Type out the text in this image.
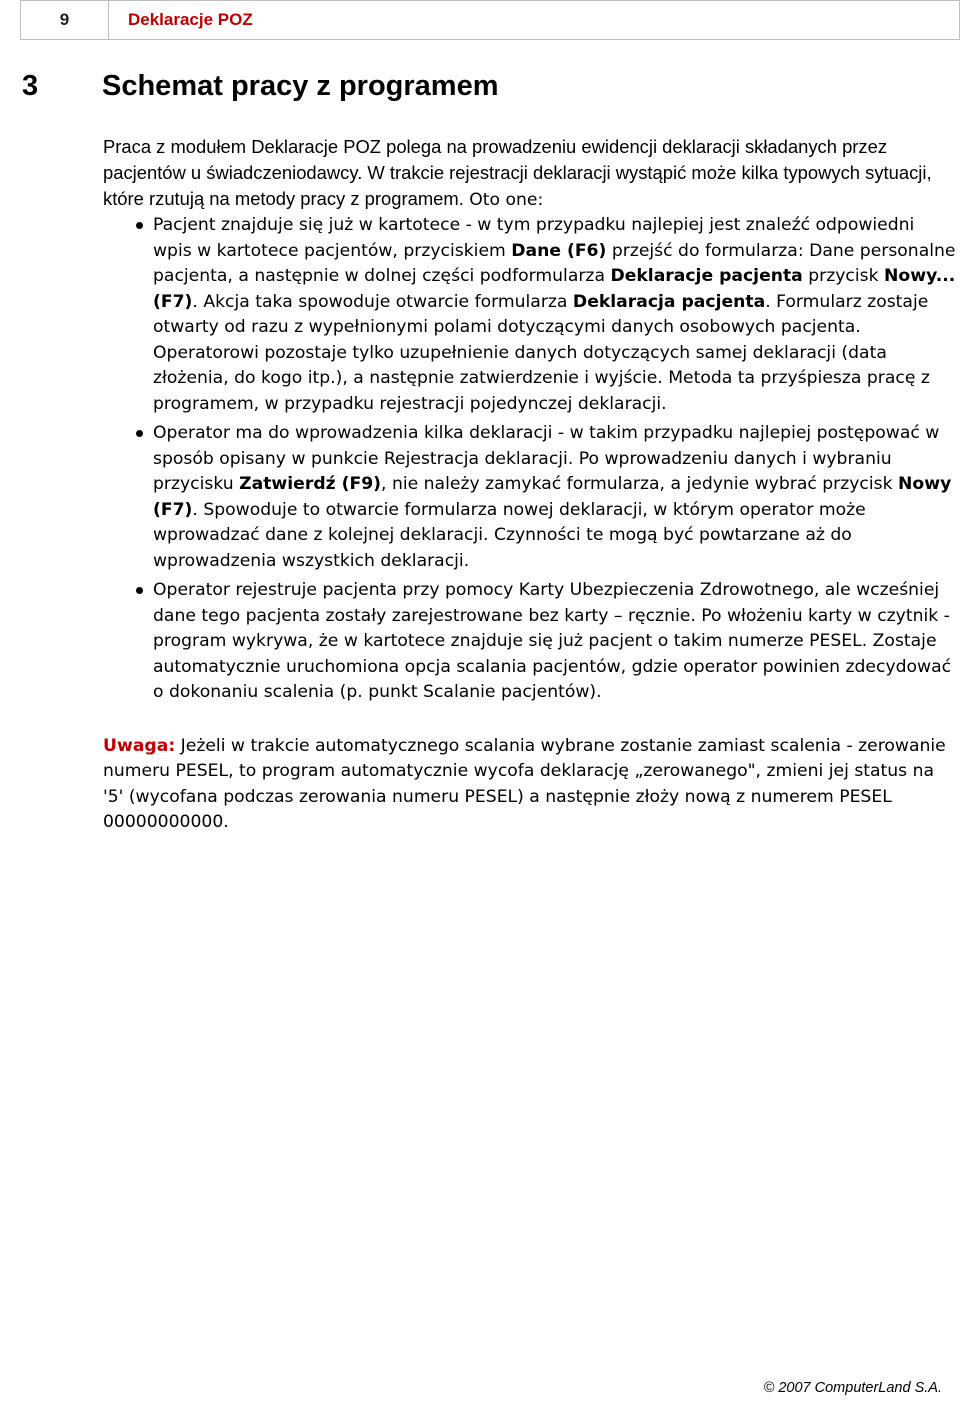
9	Deklaracje POZ
3 Schemat pracy z programem

Praca z modułem Deklaracje POZ polega na prowadzeniu ewidencji deklaracji składanych przez pacjentów u świadczeniodawcy. W trakcie rejestracji deklaracji wystąpić może kilka typowych sytuacji, które rzutują na metody pracy z programem. Oto one:

Pacjent znajduje się już w kartotece - w tym przypadku najlepiej jest znaleźć odpowiedni wpis w kartotece pacjentów, przyciskiem Dane (F6) przejść do formularza: Dane personalne pacjenta, a następnie w dolnej części podformularza Deklaracje pacjenta przycisk Nowy... (F7). Akcja taka spowoduje otwarcie formularza Deklaracja pacjenta. Formularz zostaje otwarty od razu z wypełnionymi polami dotyczącymi danych osobowych pacjenta. Operatorowi pozostaje tylko uzupełnienie danych dotyczących samej deklaracji (data złożenia, do kogo itp.), a następnie zatwierdzenie i wyjście. Metoda ta przyśpiesza pracę z programem, w przypadku rejestracji pojedynczej deklaracji.
Operator ma do wprowadzenia kilka deklaracji - w takim przypadku najlepiej postępować w sposób opisany w punkcie Rejestracja deklaracji. Po wprowadzeniu danych i wybraniu przycisku Zatwierdź (F9), nie należy zamykać formularza, a jedynie wybrać przycisk Nowy (F7). Spowoduje to otwarcie formularza nowej deklaracji, w którym operator może wprowadzać dane z kolejnej deklaracji. Czynności te mogą być powtarzane aż do wprowadzenia wszystkich deklaracji.
Operator rejestruje pacjenta przy pomocy Karty Ubezpieczenia Zdrowotnego, ale wcześniej dane tego pacjenta zostały zarejestrowane bez karty – ręcznie. Po włożeniu karty w czytnik - program wykrywa, że w kartotece znajduje się już pacjent o takim numerze PESEL. Zostaje automatycznie uruchomiona opcja scalania pacjentów, gdzie operator powinien zdecydować o dokonaniu scalenia (p. punkt Scalanie pacjentów).

Uwaga: Jeżeli w trakcie automatycznego scalania wybrane zostanie zamiast scalenia - zerowanie numeru PESEL, to program automatycznie wycofa deklarację „zerowanego", zmieni jej status na '5' (wycofana podczas zerowania numeru PESEL) a następnie złoży nową z numerem PESEL 00000000000.

© 2007 ComputerLand S.A.
